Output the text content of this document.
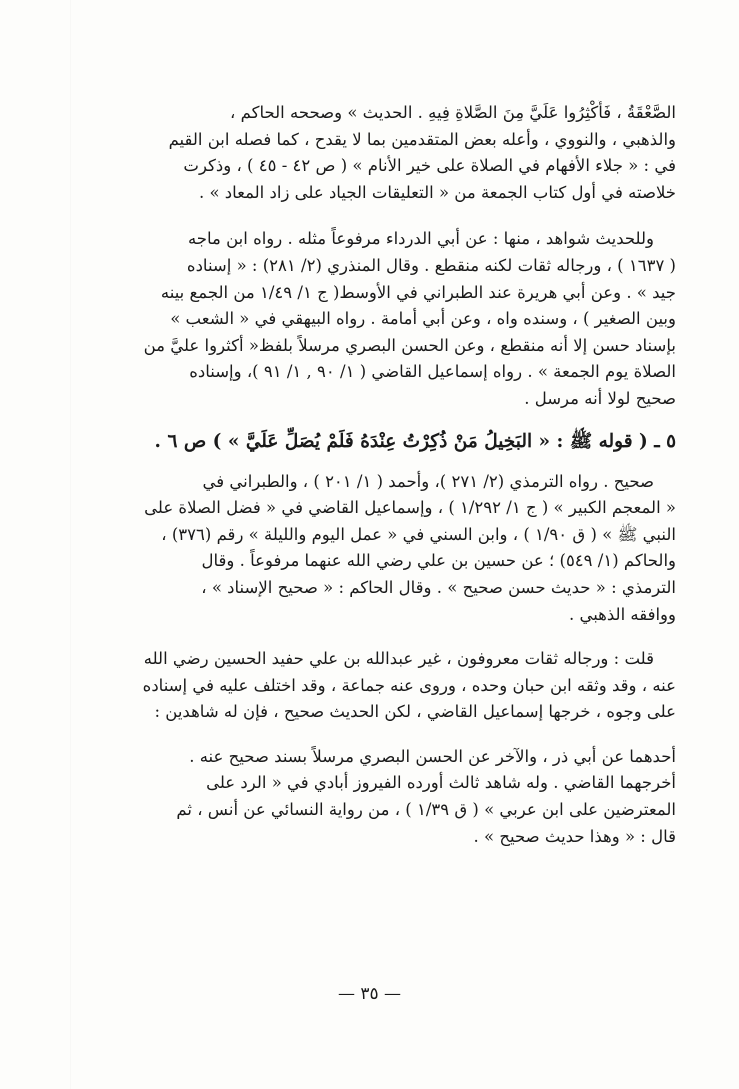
الصَّعْقَةُ ، فَأَكْثِرُوا عَلَيَّ مِنَ الصَّلاةِ فِيهِ . الحديث » وصححه الحاكم ،
والذهبي ، والنووي ، وأعله بعض المتقدمين بما لا يقدح ، كما فصله ابن القيم
في : « جلاء الأفهام في الصلاة على خير الأنام » ( ص ٤٢ - ٤٥ ) ، وذكرت
خلاصته في أول كتاب الجمعة من « التعليقات الجياد على زاد المعاد » .
وللحديث شواهد ، منها : عن أبي الدرداء مرفوعاً مثله . رواه ابن ماجه
( ١٦٣٧ ) ، ورجاله ثقات لكنه منقطع . وقال المنذري (٢/ ٢٨١) : « إسناده
جيد » . وعن أبي هريرة عند الطبراني في الأوسط( ج ١/ ١/٤٩ من الجمع بينه
وبين الصغير ) ، وسنده واه ، وعن أبي أمامة . رواه البيهقي في « الشعب »
بإسناد حسن إلا أنه منقطع ، وعن الحسن البصري مرسلاً بلفظ« أكثروا عليَّ من
الصلاة يوم الجمعة » . رواه إسماعيل القاضي ( ١/ ٩٠ , ١/ ٩١ )، وإسناده
صحيح لولا أنه مرسل .
٥ ـ ( قوله ﷺ : « البَخِيلُ مَنْ ذُكِرْتُ عِنْدَهُ فَلَمْ يُصَلِّ عَلَيَّ » ) ص ٦ .
صحيح . رواه الترمذي (٢/ ٢٧١ )، وأحمد ( ١/ ٢٠١ ) ، والطبراني في
« المعجم الكبير » ( ج ١/ ١/٢٩٢ ) ، وإسماعيل القاضي في « فضل الصلاة على
النبي ﷺ » ( ق ١/٩٠ ) ، وابن السني في « عمل اليوم والليلة » رقم (٣٧٦) ،
والحاكم (١/ ٥٤٩) ؛ عن حسين بن علي رضي الله عنهما مرفوعاً . وقال
الترمذي : « حديث حسن صحيح » . وقال الحاكم : « صحيح الإسناد » ،
ووافقه الذهبي .
قلت : ورجاله ثقات معروفون ، غير عبدالله بن علي حفيد الحسين رضي الله
عنه ، وقد وثقه ابن حبان وحده ، وروى عنه جماعة ، وقد اختلف عليه في إسناده
على وجوه ، خرجها إسماعيل القاضي ، لكن الحديث صحيح ، فإن له شاهدين :
أحدهما عن أبي ذر ، والآخر عن الحسن البصري مرسلاً بسند صحيح عنه .
أخرجهما القاضي . وله شاهد ثالث أورده الفيروز أبادي في « الرد على
المعترضين على ابن عربي » ( ق ١/٣٩ ) ، من رواية النسائي عن أنس ، ثم
قال : « وهذا حديث صحيح » .
— ٣٥ —
